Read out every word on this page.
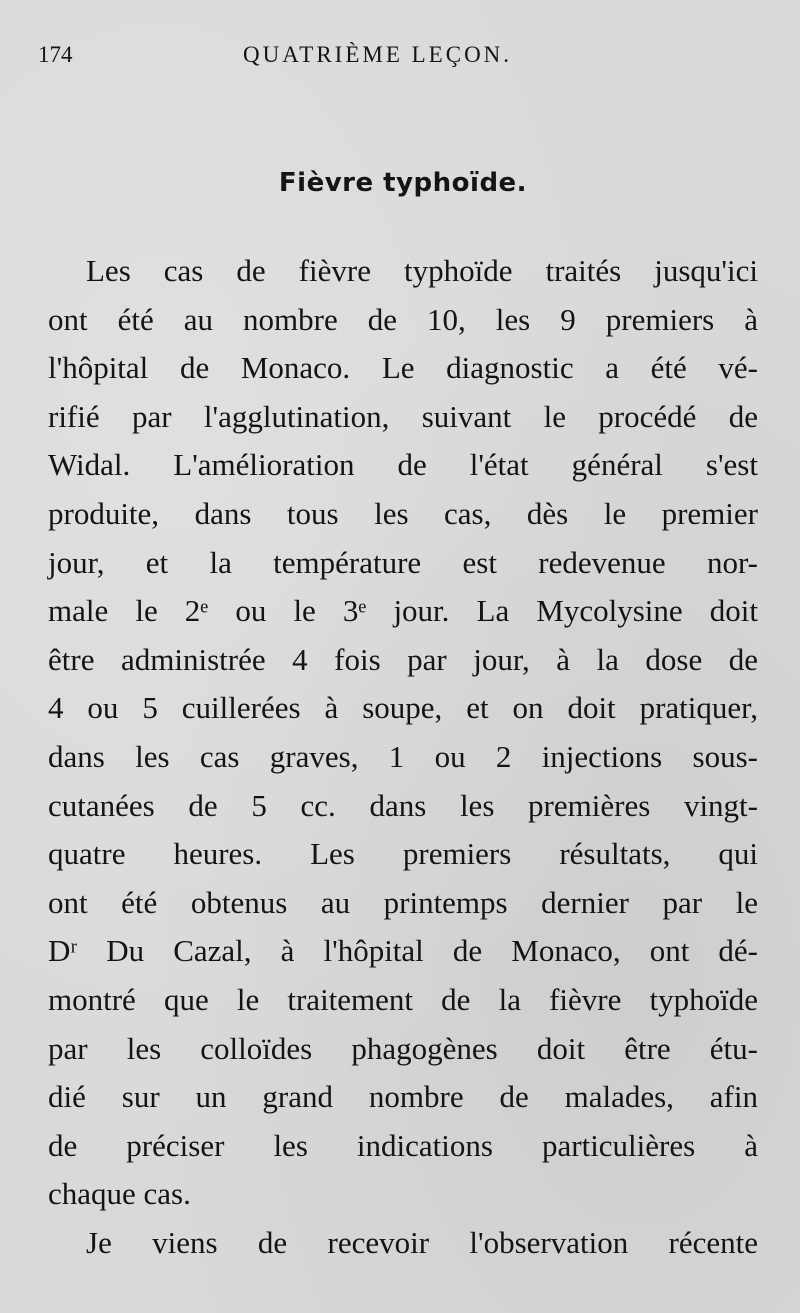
174	QUATRIÈME LEÇON.
Fièvre typhoïde.
Les cas de fièvre typhoïde traités jusqu'ici
ont été au nombre de 10, les 9 premiers à
l'hôpital de Monaco. Le diagnostic a été vé-
rifié par l'agglutination, suivant le procédé de
Widal. L'amélioration de l'état général s'est
produite, dans tous les cas, dès le premier
jour, et la température est redevenue nor-
male le 2ᵉ ou le 3ᵉ jour. La Mycolysine doit
être administrée 4 fois par jour, à la dose de
4 ou 5 cuillerées à soupe, et on doit pratiquer,
dans les cas graves, 1 ou 2 injections sous-
cutanées de 5 cc. dans les premières vingt-
quatre heures. Les premiers résultats, qui
ont été obtenus au printemps dernier par le
Dʳ Du Cazal, à l'hôpital de Monaco, ont dé-
montré que le traitement de la fièvre typhoïde
par les colloïdes phagogènes doit être étu-
dié sur un grand nombre de malades, afin
de préciser les indications particulières à
chaque cas.
Je viens de recevoir l'observation récente
